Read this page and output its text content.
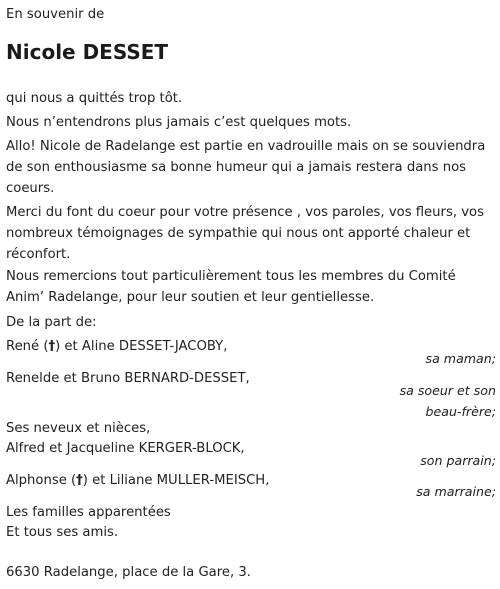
En souvenir de
Nicole DESSET
qui nous a quittés trop tôt.
Nous n’entendrons plus jamais c’est quelques mots.
Allo! Nicole de Radelange est partie en vadrouille mais on se souviendra de son enthousiasme sa bonne humeur qui a jamais restera dans nos coeurs.
Merci du font du coeur pour votre présence , vos paroles, vos fleurs, vos nombreux témoignages de sympathie qui nous ont apporté chaleur et réconfort.
Nous remercions tout particulièrement tous les membres du Comité Anim’ Radelange, pour leur soutien et leur gentiellesse.
De la part de:
René (†) et Aline DESSET-JACOBY,
sa maman;
Renelde et Bruno BERNARD-DESSET,
sa soeur et son
beau-frère;
Ses neveux et nièces,
Alfred et Jacqueline KERGER-BLOCK,
son parrain;
Alphonse (†) et Liliane MULLER-MEISCH,
sa marraine;
Les familles apparentées
Et tous ses amis.
6630 Radelange, place de la Gare, 3.
